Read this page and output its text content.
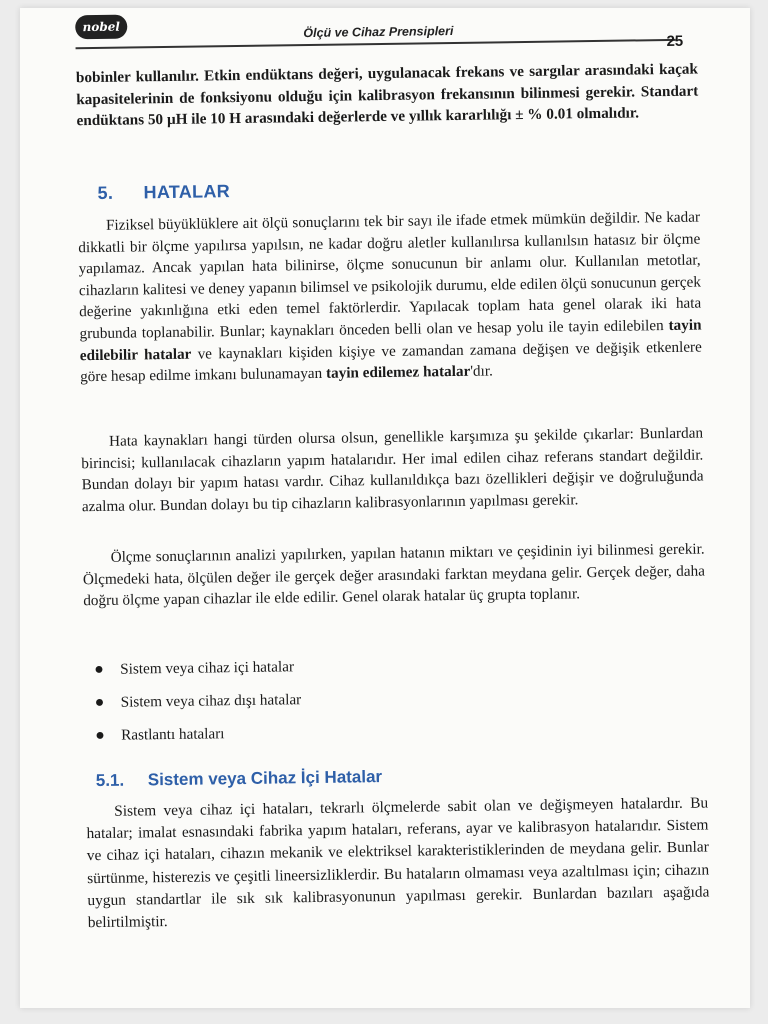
nobel	Ölçü ve Cihaz Prensipleri
25
bobinler kullanılır. Etkin endüktans değeri, uygulanacak frekans ve sargılar arasındaki kaçak kapasitelerinin de fonksiyonu olduğu için kalibrasyon frekansının bilinmesi gerekir. Standart endüktans 50 µH ile 10 H arasındaki değerlerde ve yıllık kararlılığı ± % 0.01 olmalıdır.
5. HATALAR
Fiziksel büyüklüklere ait ölçü sonuçlarını tek bir sayı ile ifade etmek mümkün değildir. Ne kadar dikkatli bir ölçme yapılırsa yapılsın, ne kadar doğru aletler kullanılırsa kullanılsın hatasız bir ölçme yapılamaz. Ancak yapılan hata bilinirse, ölçme sonucunun bir anlamı olur. Kullanılan metotlar, cihazların kalitesi ve deney yapanın bilimsel ve psikolojik durumu, elde edilen ölçü sonucunun gerçek değerine yakınlığına etki eden temel faktörlerdir. Yapılacak toplam hata genel olarak iki hata grubunda toplanabilir. Bunlar; kaynakları önceden belli olan ve hesap yolu ile tayin edilebilen tayin edilebilir hatalar ve kaynakları kişiden kişiye ve zamandan zamana değişen ve değişik etkenlere göre hesap edilme imkanı bulunamayan tayin edilemez hatalar'dır.
Hata kaynakları hangi türden olursa olsun, genellikle karşımıza şu şekilde çıkarlar: Bunlardan birincisi; kullanılacak cihazların yapım hatalarıdır. Her imal edilen cihaz referans standart değildir. Bundan dolayı bir yapım hatası vardır. Cihaz kullanıldıkça bazı özellikleri değişir ve doğruluğunda azalma olur. Bundan dolayı bu tip cihazların kalibrasyonlarının yapılması gerekir.
Ölçme sonuçlarının analizi yapılırken, yapılan hatanın miktarı ve çeşidinin iyi bilinmesi gerekir. Ölçmedeki hata, ölçülen değer ile gerçek değer arasındaki farktan meydana gelir. Gerçek değer, daha doğru ölçme yapan cihazlar ile elde edilir. Genel olarak hatalar üç grupta toplanır.
● Sistem veya cihaz içi hatalar
● Sistem veya cihaz dışı hatalar
● Rastlantı hataları
5.1. Sistem veya Cihaz İçi Hatalar
Sistem veya cihaz içi hataları, tekrarlı ölçmelerde sabit olan ve değişmeyen hatalardır. Bu hatalar; imalat esnasındaki fabrika yapım hataları, referans, ayar ve kalibrasyon hatalarıdır. Sistem ve cihaz içi hataları, cihazın mekanik ve elektriksel karakteristiklerinden de meydana gelir. Bunlar sürtünme, histerezis ve çeşitli lineersizliklerdir. Bu hataların olmaması veya azaltılması için; cihazın uygun standartlar ile sık sık kalibrasyonunun yapılması gerekir. Bunlardan bazıları aşağıda belirtilmiştir.
